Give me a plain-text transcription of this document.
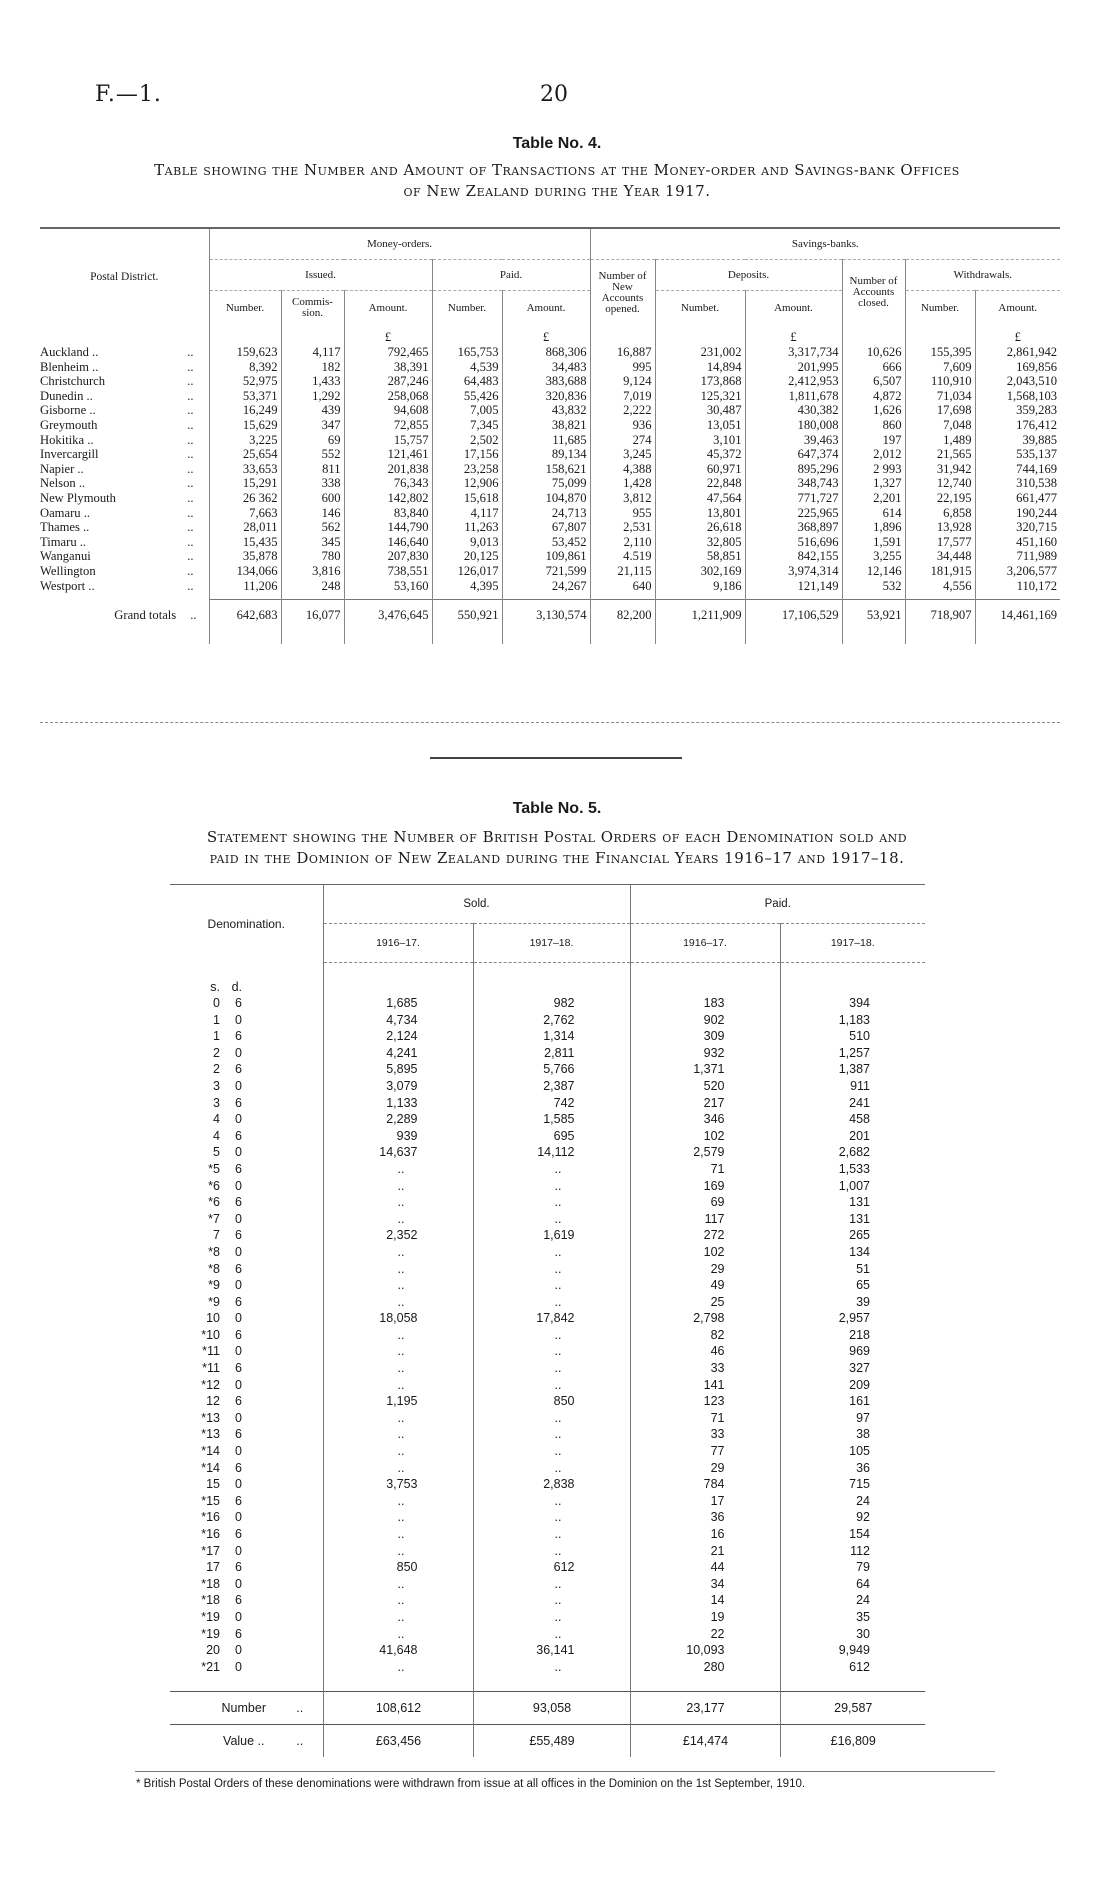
F.—1.	20
Table No. 4.
Table showing the Number and Amount of Transactions at the Money-order and Savings-bank Offices
of New Zealand during the Year 1917.
Postal District.	Money-orders.					Savings-banks.					
	Issued.			Paid.		Number of New Accounts opened.	Deposits.		Number of Accounts closed.	Withdrawals.	
	Number.	Commis-sion.	Amount.	Number.	Amount.		Numbet.	Amount.		Number.	Amount.
			£		£			£			£

..
Auckland ..	159,623	4,117	792,465	165,753	868,306	16,887	231,002	3,317,734	10,626	155,395	2,861,942

..
Blenheim ..	8,392	182	38,391	4,539	34,483	995	14,894	201,995	666	7,609	169,856

..
Christchurch	52,975	1,433	287,246	64,483	383,688	9,124	173,868	2,412,953	6,507	110,910	2,043,510

..
Dunedin ..	53,371	1,292	258,068	55,426	320,836	7,019	125,321	1,811,678	4,872	71,034	1,568,103

..
Gisborne ..	16,249	439	94,608	7,005	43,832	2,222	30,487	430,382	1,626	17,698	359,283

..
Greymouth	15,629	347	72,855	7,345	38,821	936	13,051	180,008	860	7,048	176,412

..
Hokitika ..	3,225	69	15,757	2,502	11,685	274	3,101	39,463	197	1,489	39,885

..
Invercargill	25,654	552	121,461	17,156	89,134	3,245	45,372	647,374	2,012	21,565	535,137

..
Napier ..	33,653	811	201,838	23,258	158,621	4,388	60,971	895,296	2 993	31,942	744,169

..
Nelson ..	15,291	338	76,343	12,906	75,099	1,428	22,848	348,743	1,327	12,740	310,538

..
New Plymouth	26 362	600	142,802	15,618	104,870	3,812	47,564	771,727	2,201	22,195	661,477

..
Oamaru ..	7,663	146	83,840	4,117	24,713	955	13,801	225,965	614	6,858	190,244

..
Thames ..	28,011	562	144,790	11,263	67,807	2,531	26,618	368,897	1,896	13,928	320,715

..
Timaru ..	15,435	345	146,640	9,013	53,452	2,110	32,805	516,696	1,591	17,577	451,160

..
Wanganui	35,878	780	207,830	20,125	109,861	4.519	58,851	842,155	3,255	34,448	711,989

..
Wellington	134,066	3,816	738,551	126,017	721,599	21,115	302,169	3,974,314	12,146	181,915	3,206,577

..
Westport ..	11,206	248	53,160	4,395	24,267	640	9,186	121,149	532	4,556	110,172

Grand totals ..	642,683	16,077	3,476,645	550,921	3,130,574	82,200	1,211,909	17,106,529	53,921	718,907	14,461,169

Table No. 5.
Statement showing the Number of British Postal Orders of each Denomination sold and
paid in the Dominion of New Zealand during the Financial Years 1916–17 and 1917–18.
Denomination.	Sold.		Paid.	
	1916–17.	1917–18.	1916–17.	1917–18.

s. d.				
0 6	1,685	982	183	394
1 0	4,734	2,762	902	1,183
1 6	2,124	1,314	309	510
2 0	4,241	2,811	932	1,257
2 6	5,895	5,766	1,371	1,387
3 0	3,079	2,387	520	911
3 6	1,133	742	217	241
4 0	2,289	1,585	346	458
4 6	939	695	102	201
5 0	14,637	14,112	2,579	2,682
*5 6	..	..	71	1,533
*6 0	..	..	169	1,007
*6 6	..	..	69	131
*7 0	..	..	117	131
7 6	2,352	1,619	272	265
*8 0	..	..	102	134
*8 6	..	..	29	51
*9 0	..	..	49	65
*9 6	..	..	25	39
10 0	18,058	17,842	2,798	2,957
*10 6	..	..	82	218
*11 0	..	..	46	969
*11 6	..	..	33	327
*12 0	..	..	141	209
12 6	1,195	850	123	161
*13 0	..	..	71	97
*13 6	..	..	33	38
*14 0	..	..	77	105
*14 6	..	..	29	36
15 0	3,753	2,838	784	715
*15 6	..	..	17	24
*16 0	..	..	36	92
*16 6	..	..	16	154
*17 0	..	..	21	112
17 6	850	612	44	79
*18 0	..	..	34	64
*18 6	..	..	14	24
*19 0	..	..	19	35
*19 6	..	..	22	30
20 0	41,648	36,141	10,093	9,949
*21 0	..	..	280	612

Number ..	108,612	93,058	23,177	29,587
Value .. ..	£63,456	£55,489	£14,474	£16,809
* British Postal Orders of these denominations were withdrawn from issue at all offices in the Dominion on the 1st September, 1910.
